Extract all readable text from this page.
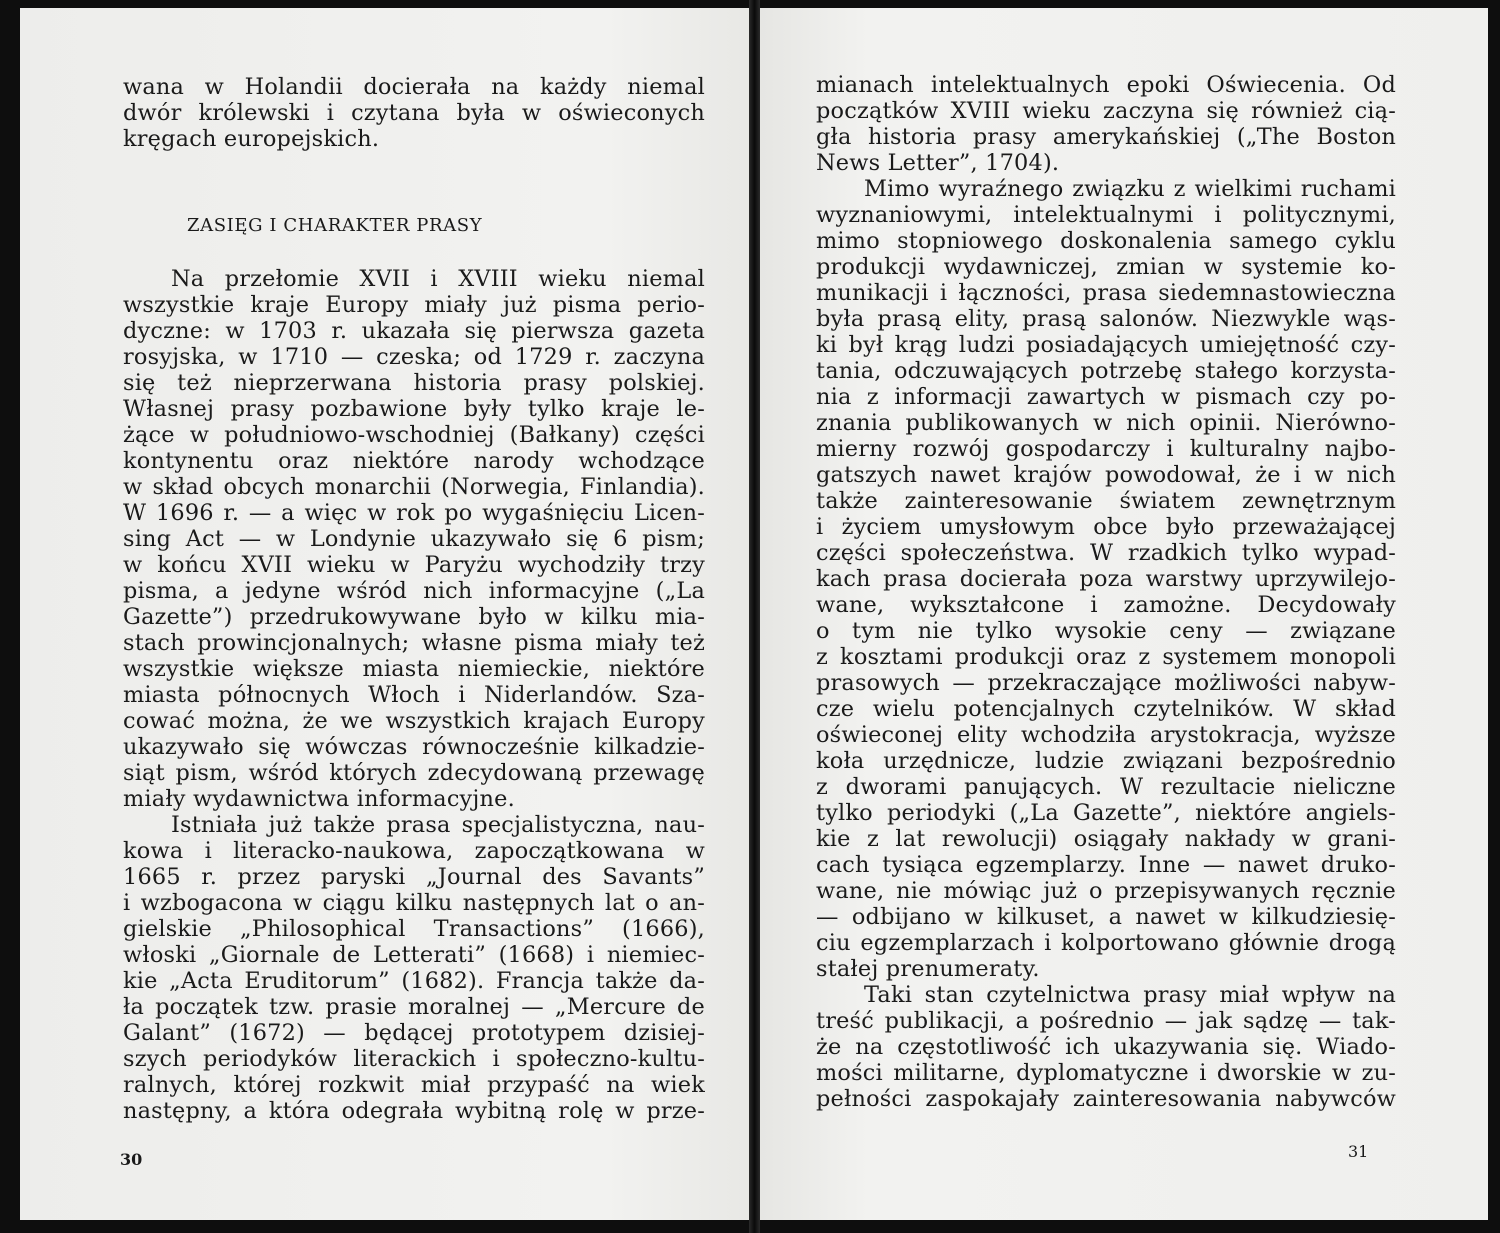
wana w Holandii docierała na każdy niemal
dwór królewski i czytana była w oświeconych
kręgach europejskich.
ZASIĘG I CHARAKTER PRASY
Na przełomie XVII i XVIII wieku niemal
wszystkie kraje Europy miały już pisma perio-
dyczne: w 1703 r. ukazała się pierwsza gazeta
rosyjska, w 1710 — czeska; od 1729 r. zaczyna
się też nieprzerwana historia prasy polskiej.
Własnej prasy pozbawione były tylko kraje le-
żące w południowo-wschodniej (Bałkany) części
kontynentu oraz niektóre narody wchodzące
w skład obcych monarchii (Norwegia, Finlandia).
W 1696 r. — a więc w rok po wygaśnięciu Licen-
sing Act — w Londynie ukazywało się 6 pism;
w końcu XVII wieku w Paryżu wychodziły trzy
pisma, a jedyne wśród nich informacyjne („La
Gazette”) przedrukowywane było w kilku mia-
stach prowincjonalnych; własne pisma miały też
wszystkie większe miasta niemieckie, niektóre
miasta północnych Włoch i Niderlandów. Sza-
cować można, że we wszystkich krajach Europy
ukazywało się wówczas równocześnie kilkadzie-
siąt pism, wśród których zdecydowaną przewagę
miały wydawnictwa informacyjne.
Istniała już także prasa specjalistyczna, nau-
kowa i literacko-naukowa, zapoczątkowana w
1665 r. przez paryski „Journal des Savants”
i wzbogacona w ciągu kilku następnych lat o an-
gielskie „Philosophical Transactions” (1666),
włoski „Giornale de Letterati” (1668) i niemiec-
kie „Acta Eruditorum” (1682). Francja także da-
ła początek tzw. prasie moralnej — „Mercure de
Galant” (1672) — będącej prototypem dzisiej-
szych periodyków literackich i społeczno-kultu-
ralnych, której rozkwit miał przypaść na wiek
następny, a która odegrała wybitną rolę w prze-
30
mianach intelektualnych epoki Oświecenia. Od
początków XVIII wieku zaczyna się również cią-
gła historia prasy amerykańskiej („The Boston
News Letter”, 1704).
Mimo wyraźnego związku z wielkimi ruchami
wyznaniowymi, intelektualnymi i politycznymi,
mimo stopniowego doskonalenia samego cyklu
produkcji wydawniczej, zmian w systemie ko-
munikacji i łączności, prasa siedemnastowieczna
była prasą elity, prasą salonów. Niezwykle wąs-
ki był krąg ludzi posiadających umiejętność czy-
tania, odczuwających potrzebę stałego korzysta-
nia z informacji zawartych w pismach czy po-
znania publikowanych w nich opinii. Nierówno-
mierny rozwój gospodarczy i kulturalny najbo-
gatszych nawet krajów powodował, że i w nich
także zainteresowanie światem zewnętrznym
i życiem umysłowym obce było przeważającej
części społeczeństwa. W rzadkich tylko wypad-
kach prasa docierała poza warstwy uprzywilejo-
wane, wykształcone i zamożne. Decydowały
o tym nie tylko wysokie ceny — związane
z kosztami produkcji oraz z systemem monopoli
prasowych — przekraczające możliwości nabyw-
cze wielu potencjalnych czytelników. W skład
oświeconej elity wchodziła arystokracja, wyższe
koła urzędnicze, ludzie związani bezpośrednio
z dworami panujących. W rezultacie nieliczne
tylko periodyki („La Gazette”, niektóre angiels-
kie z lat rewolucji) osiągały nakłady w grani-
cach tysiąca egzemplarzy. Inne — nawet druko-
wane, nie mówiąc już o przepisywanych ręcznie
— odbijano w kilkuset, a nawet w kilkudziesię-
ciu egzemplarzach i kolportowano głównie drogą
stałej prenumeraty.
Taki stan czytelnictwa prasy miał wpływ na
treść publikacji, a pośrednio — jak sądzę — tak-
że na częstotliwość ich ukazywania się. Wiado-
mości militarne, dyplomatyczne i dworskie w zu-
pełności zaspokajały zainteresowania nabywców
31
